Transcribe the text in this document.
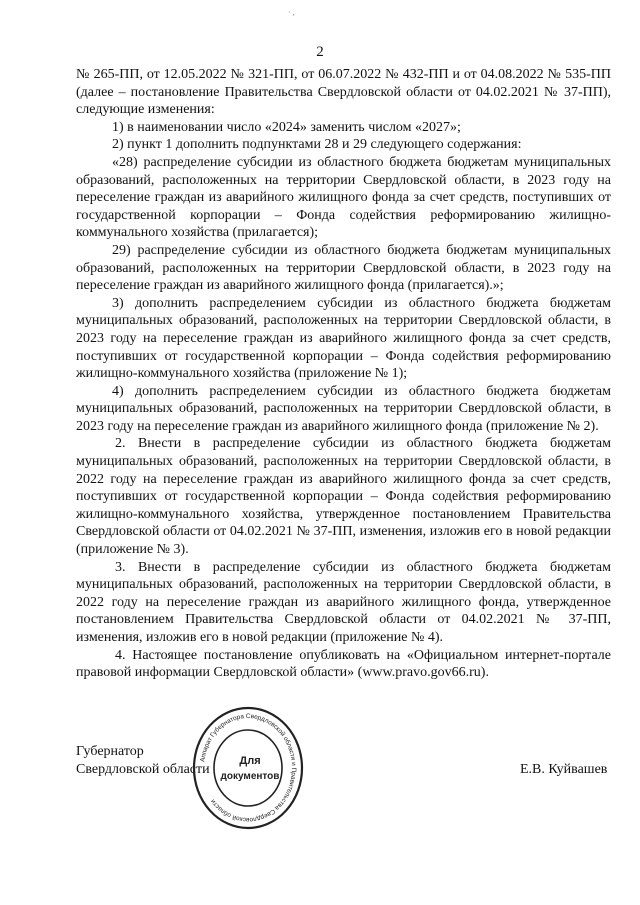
· ,
2

№ 265-ПП, от 12.05.2022 № 321-ПП, от 06.07.2022 № 432-ПП и от 04.08.2022 № 535-ПП (далее – постановление Правительства Свердловской области от 04.02.2021 № 37-ПП), следующие изменения:

1) в наименовании число «2024» заменить числом «2027»;

2) пункт 1 дополнить подпунктами 28 и 29 следующего содержания:

«28) распределение субсидии из областного бюджета бюджетам муниципальных образований, расположенных на территории Свердловской области, в 2023 году на переселение граждан из аварийного жилищного фонда за счет средств, поступивших от государственной корпорации – Фонда содействия реформированию жилищно-коммунального хозяйства (прилагается);

29) распределение субсидии из областного бюджета бюджетам муниципальных образований, расположенных на территории Свердловской области, в 2023 году на переселение граждан из аварийного жилищного фонда (прилагается).»;

3) дополнить распределением субсидии из областного бюджета бюджетам муниципальных образований, расположенных на территории Свердловской области, в 2023 году на переселение граждан из аварийного жилищного фонда за счет средств, поступивших от государственной корпорации – Фонда содействия реформированию жилищно-коммунального хозяйства (приложение № 1);

4) дополнить распределением субсидии из областного бюджета бюджетам муниципальных образований, расположенных на территории Свердловской области, в 2023 году на переселение граждан из аварийного жилищного фонда (приложение № 2).

2. Внести в распределение субсидии из областного бюджета бюджетам муниципальных образований, расположенных на территории Свердловской области, в 2022 году на переселение граждан из аварийного жилищного фонда за счет средств, поступивших от государственной корпорации – Фонда содействия реформированию жилищно-коммунального хозяйства, утвержденное постановлением Правительства Свердловской области от 04.02.2021 № 37-ПП, изменения, изложив его в новой редакции (приложение № 3).

3. Внести в распределение субсидии из областного бюджета бюджетам муниципальных образований, расположенных на территории Свердловской области, в 2022 году на переселение граждан из аварийного жилищного фонда, утвержденное постановлением Правительства Свердловской области от 04.02.2021 № 37-ПП, изменения, изложив его в новой редакции (приложение № 4).

4. Настоящее постановление опубликовать на «Официальном интернет-портале правовой информации Свердловской области» (www.pravo.gov66.ru).

Губернатор
Свердловской области	Е.В. Куйвашев
Аппарат Губернатора Свердловской области и Правительства Свердловской области
Для
документов
